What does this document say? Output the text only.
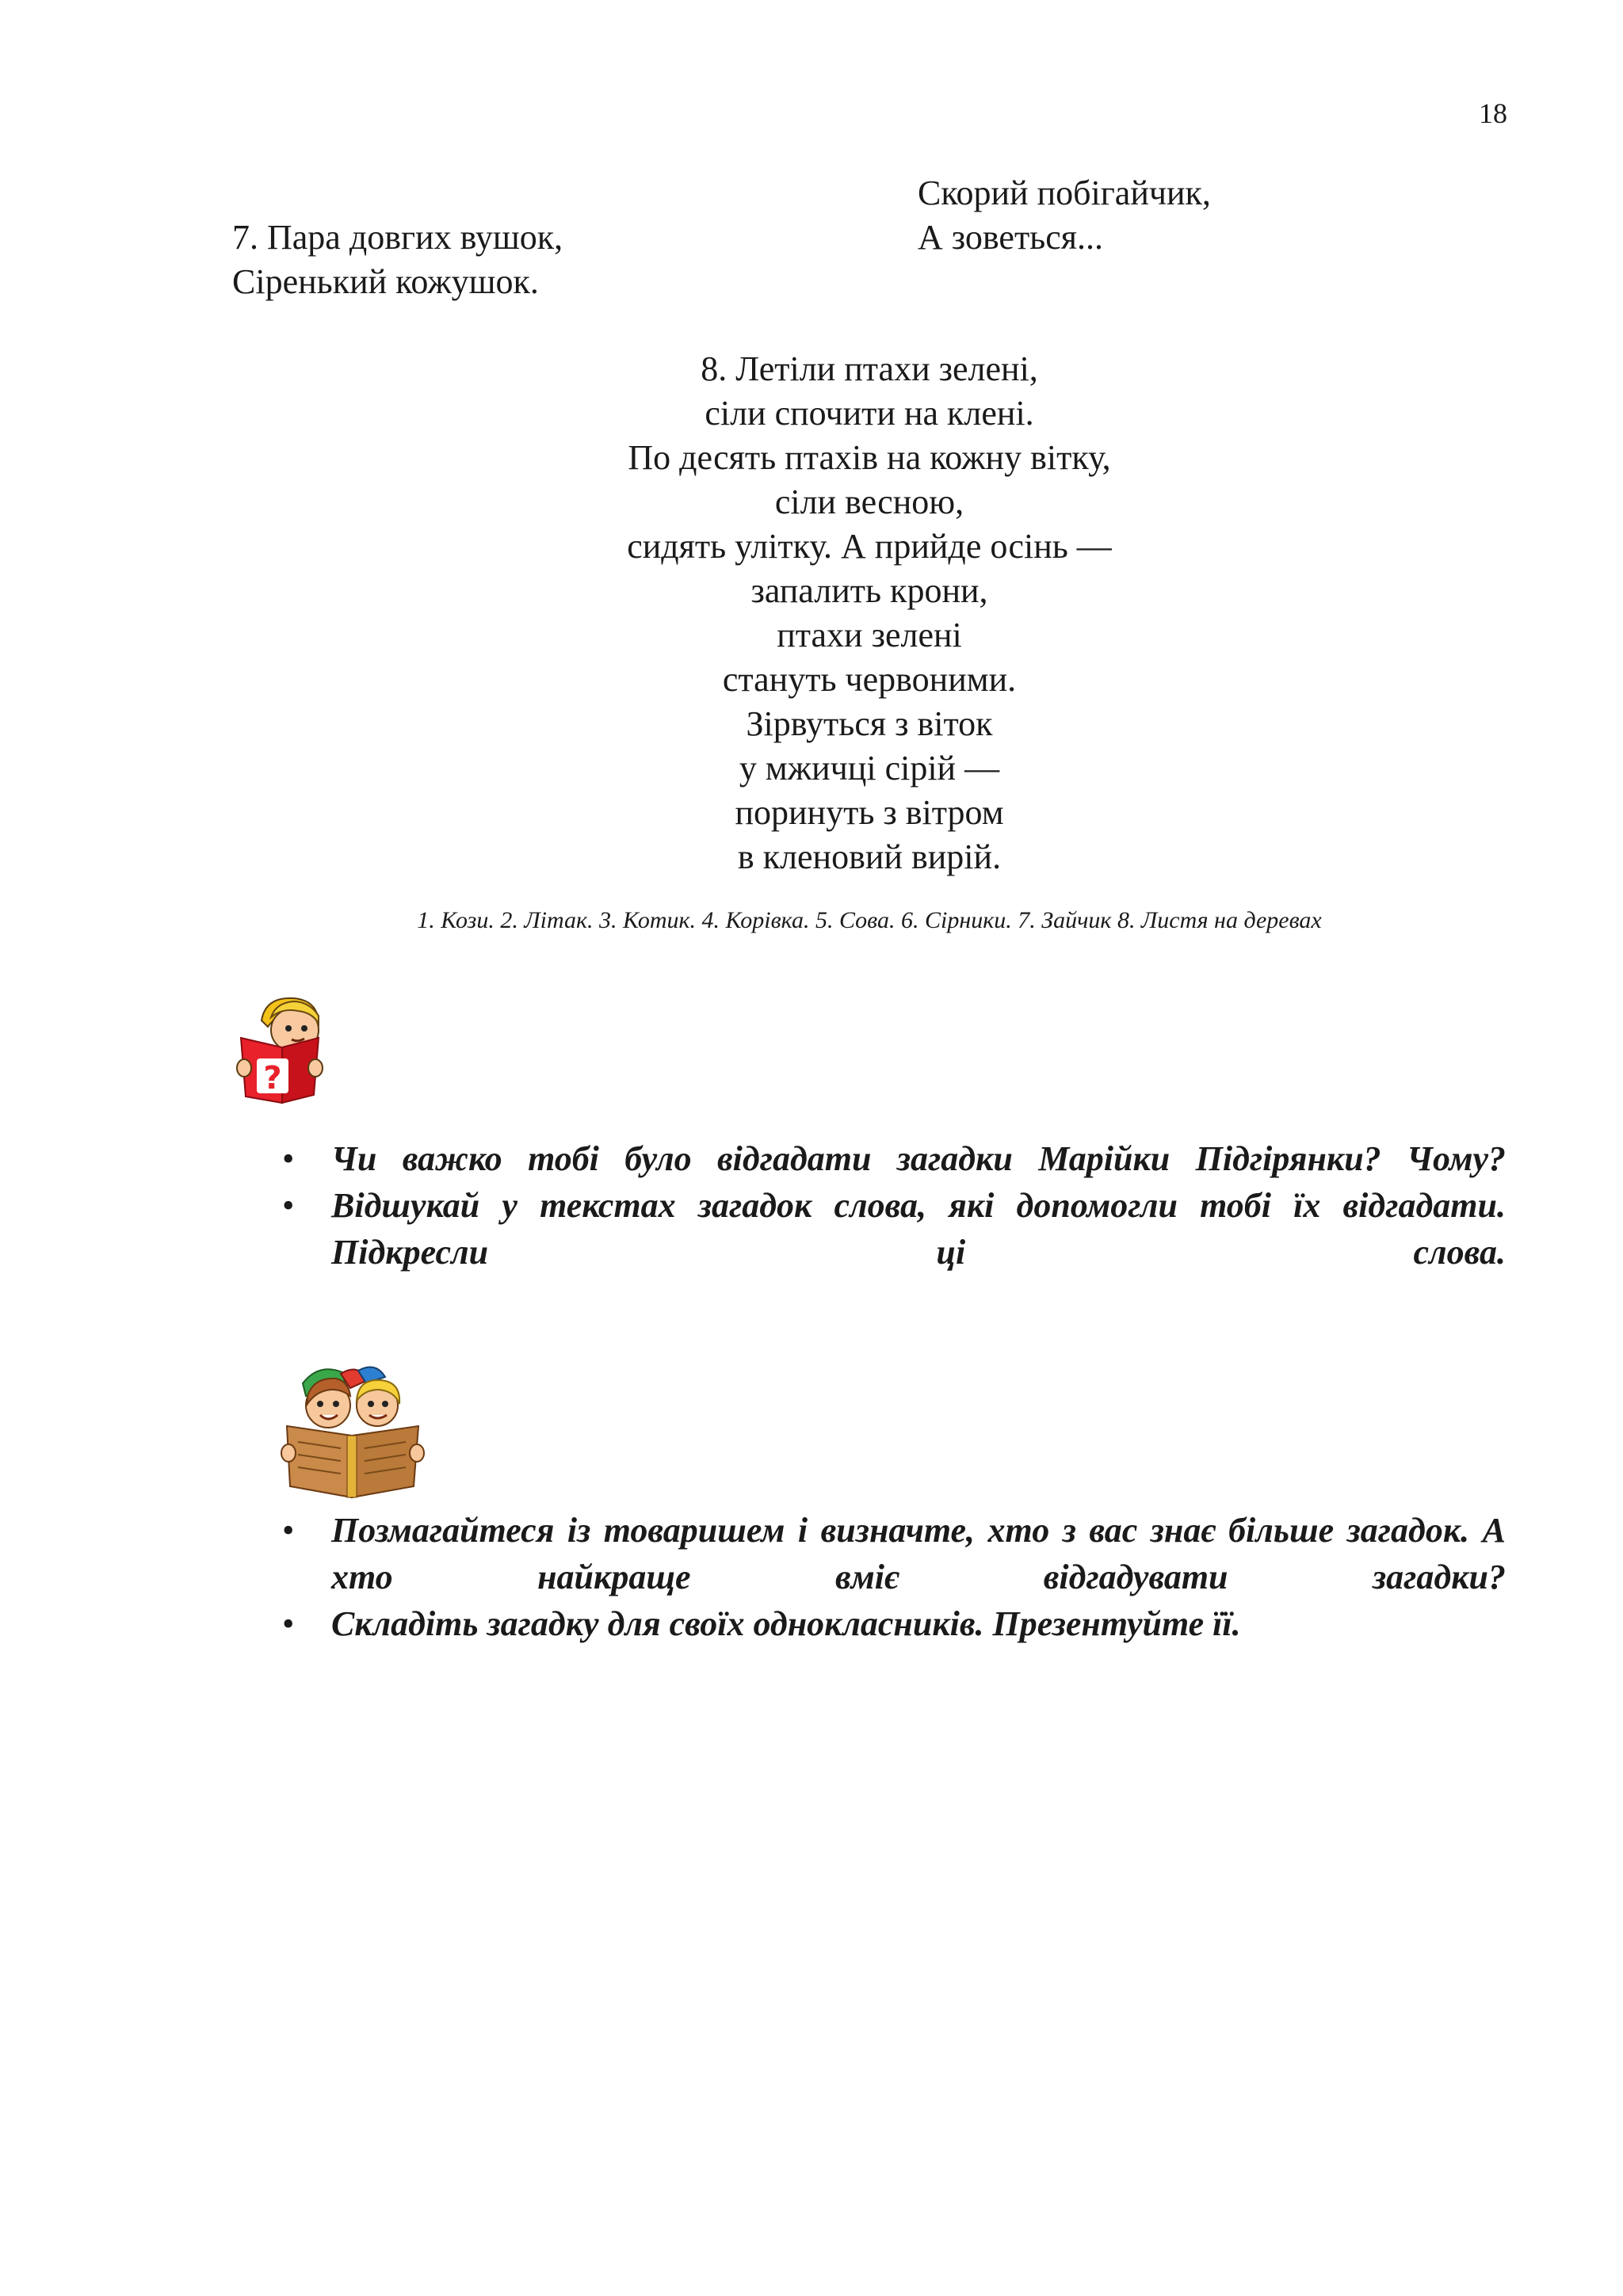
18
Скорий побігайчик,
А зоветься...
7. Пара довгих вушок,
Сіренький кожушок.
8. Летіли птахи зелені,
сіли спочити на клені.
По десять птахів на кожну вітку,
сіли весною,
сидять улітку. А прийде осінь —
запалить крони,
птахи зелені
стануть червоними.
Зірвуться з віток
у мжичці сірій —
поринуть з вітром
в кленовий вирій.
1. Кози. 2. Літак. 3. Котик. 4. Корівка. 5. Сова. 6. Сірники. 7. Зайчик 8. Листя на деревах
?
• Чи важко тобі було відгадати загадки Марійки Підгірянки? Чому?
• Відшукай у текстах загадок слова, які допомогли тобі їх відгадати. Підкресли ці слова.
• Позмагайтеся із товаришем і визначте, хто з вас знає більше загадок. А хто найкраще вміє відгадувати загадки?
• Складіть загадку для своїх однокласників. Презентуйте її.
